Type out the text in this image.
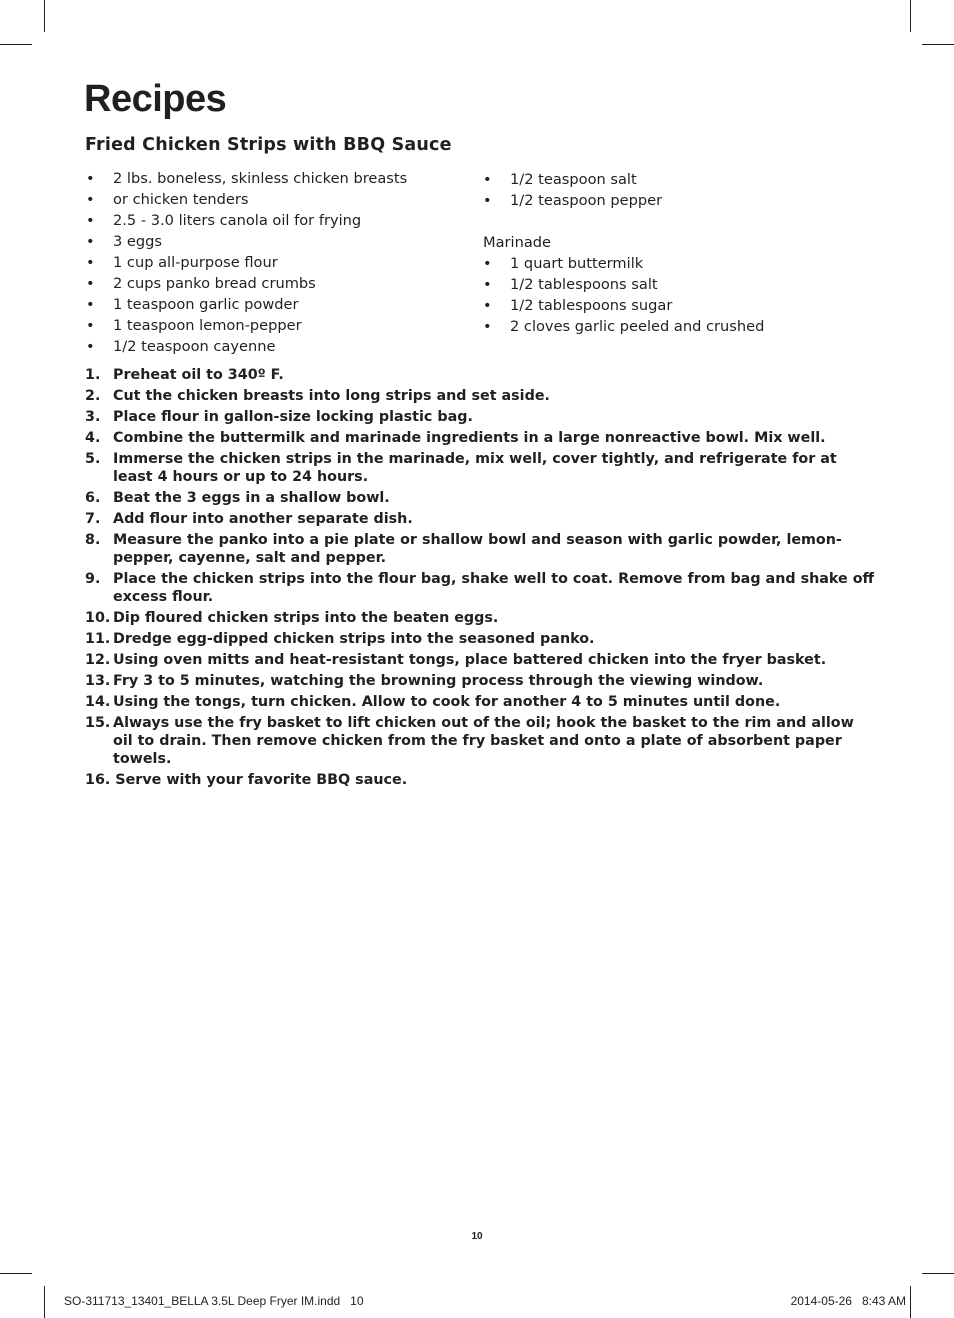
Recipes
Fried Chicken Strips with BBQ Sauce
• 2 lbs. boneless, skinless chicken breasts
• or chicken tenders
• 2.5 - 3.0 liters canola oil for frying
• 3 eggs
• 1 cup all-purpose flour
• 2 cups panko bread crumbs
• 1 teaspoon garlic powder
• 1 teaspoon lemon-pepper
• 1/2 teaspoon cayenne
• 1/2 teaspoon salt
• 1/2 teaspoon pepper
Marinade
• 1 quart buttermilk
• 1/2 tablespoons salt
• 1/2 tablespoons sugar
• 2 cloves garlic peeled and crushed
1. Preheat oil to 340º F.
2. Cut the chicken breasts into long strips and set aside.
3. Place flour in gallon-size locking plastic bag.
4. Combine the buttermilk and marinade ingredients in a large nonreactive bowl. Mix well.
5. Immerse the chicken strips in the marinade, mix well, cover tightly, and refrigerate for at least 4 hours or up to 24 hours.
6. Beat the 3 eggs in a shallow bowl.
7. Add flour into another separate dish.
8. Measure the panko into a pie plate or shallow bowl and season with garlic powder, lemon-pepper, cayenne, salt and pepper.
9. Place the chicken strips into the flour bag, shake well to coat. Remove from bag and shake off excess flour.
10. Dip floured chicken strips into the beaten eggs.
11. Dredge egg-dipped chicken strips into the seasoned panko.
12. Using oven mitts and heat-resistant tongs, place battered chicken into the fryer basket.
13. Fry 3 to 5 minutes, watching the browning process through the viewing window.
14. Using the tongs, turn chicken. Allow to cook for another 4 to 5 minutes until done.
15. Always use the fry basket to lift chicken out of the oil; hook the basket to the rim and allow oil to drain. Then remove chicken from the fry basket and onto a plate of absorbent paper towels.
16. Serve with your favorite BBQ sauce.
10
SO-311713_13401_BELLA 3.5L Deep Fryer IM.indd   10	2014-05-26   8:43 AM
